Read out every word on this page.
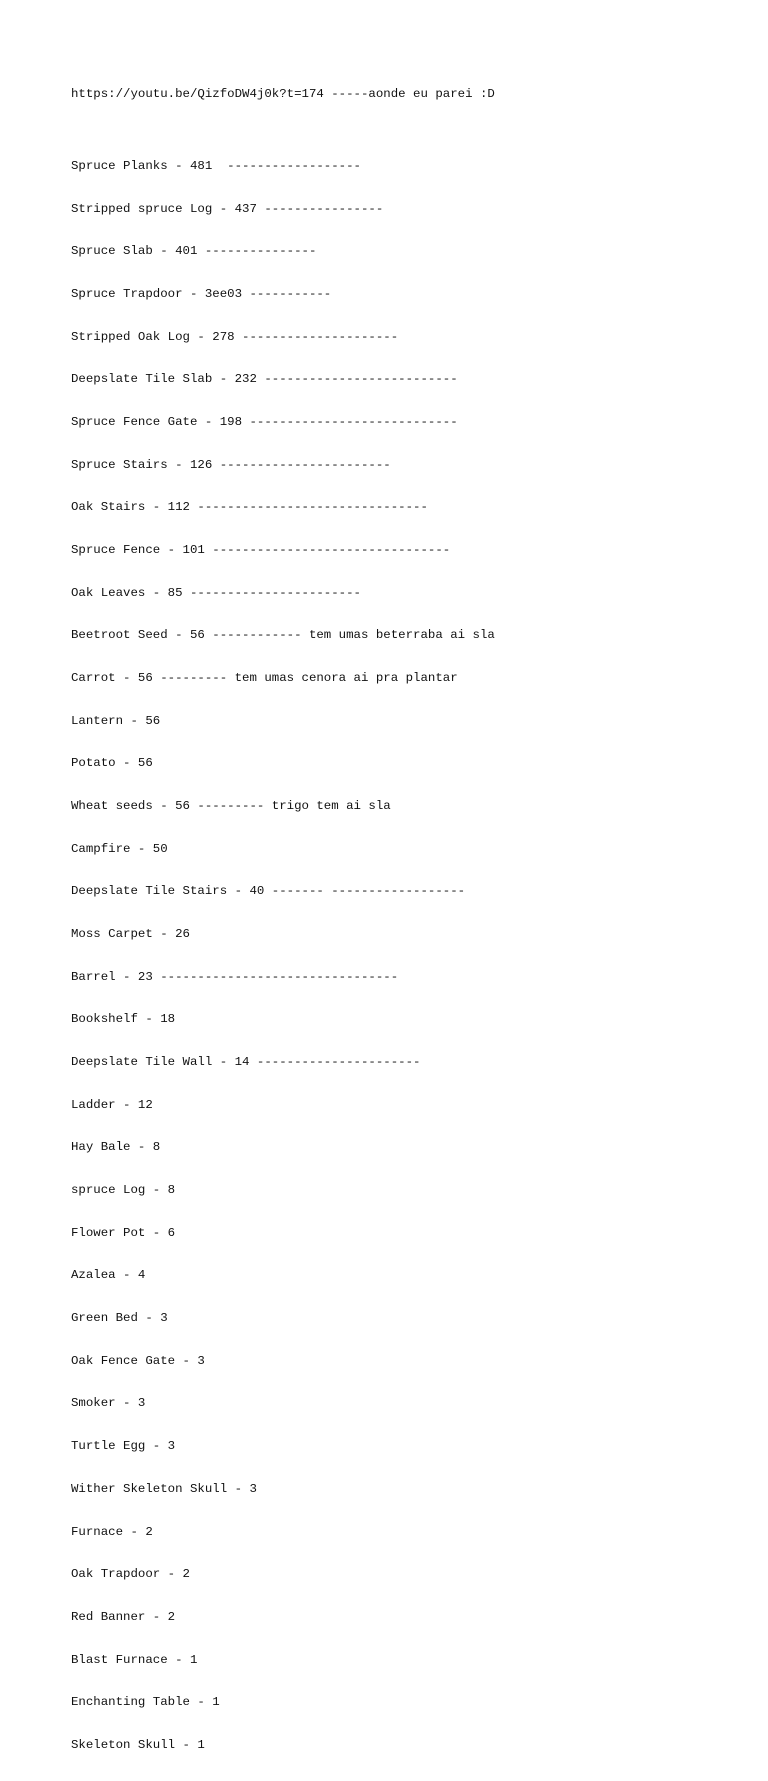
https://youtu.be/QizfoDW4j0k?t=174 -----aonde eu parei :D

Spruce Planks - 481  ------------------

Stripped spruce Log - 437 ----------------

Spruce Slab - 401 ---------------

Spruce Trapdoor - 3ee03 -----------

Stripped Oak Log - 278 ---------------------

Deepslate Tile Slab - 232 --------------------------

Spruce Fence Gate - 198 ----------------------------

Spruce Stairs - 126 -----------------------

Oak Stairs - 112 -------------------------------

Spruce Fence - 101 --------------------------------

Oak Leaves - 85 -----------------------

Beetroot Seed - 56 ------------ tem umas beterraba ai sla

Carrot - 56 --------- tem umas cenora ai pra plantar

Lantern - 56

Potato - 56

Wheat seeds - 56 --------- trigo tem ai sla

Campfire - 50

Deepslate Tile Stairs - 40 ------- ------------------

Moss Carpet - 26

Barrel - 23 --------------------------------

Bookshelf - 18

Deepslate Tile Wall - 14 ----------------------

Ladder - 12

Hay Bale - 8

spruce Log - 8

Flower Pot - 6

Azalea - 4

Green Bed - 3

Oak Fence Gate - 3

Smoker - 3

Turtle Egg - 3

Wither Skeleton Skull - 3

Furnace - 2

Oak Trapdoor - 2

Red Banner - 2

Blast Furnace - 1

Enchanting Table - 1

Skeleton Skull - 1
